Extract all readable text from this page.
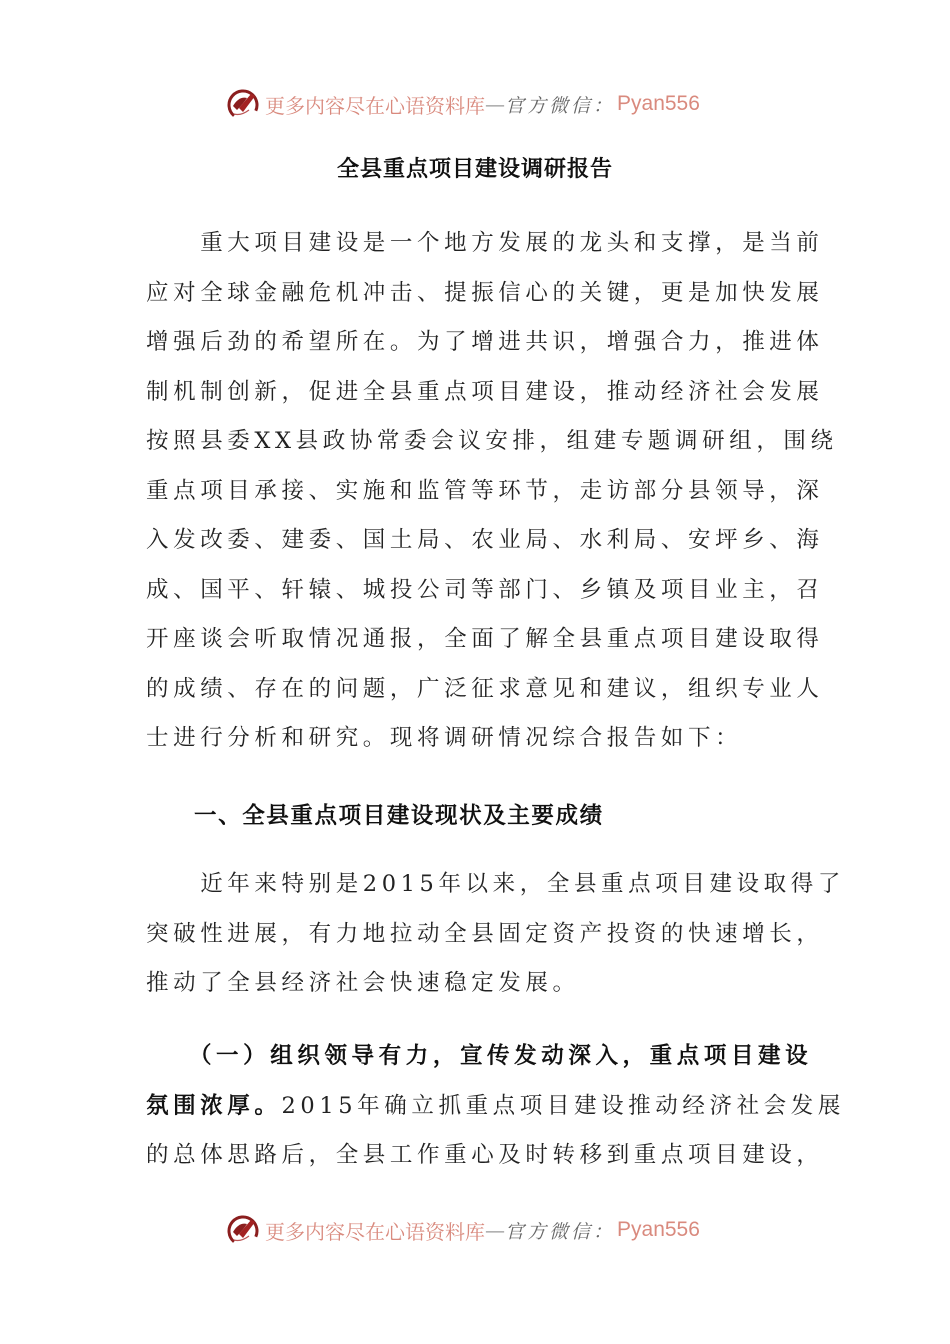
更多内容尽在心语资料库 — 官方微信： Pyan556
全县重点项目建设调研报告
　　重大项目建设是一个地方发展的龙头和支撑，是当前
应对全球金融危机冲击、提振信心的关键，更是加快发展
增强后劲的希望所在。为了增进共识，增强合力，推进体
制机制创新，促进全县重点项目建设，推动经济社会发展
按照县委XX县政协常委会议安排，组建专题调研组，围绕
重点项目承接、实施和监管等环节，走访部分县领导，深
入发改委、建委、国土局、农业局、水利局、安坪乡、海
成、国平、轩辕、城投公司等部门、乡镇及项目业主，召
开座谈会听取情况通报，全面了解全县重点项目建设取得
的成绩、存在的问题，广泛征求意见和建议，组织专业人
士进行分析和研究。现将调研情况综合报告如下：
一、全县重点项目建设现状及主要成绩
　　近年来特别是2015年以来，全县重点项目建设取得了
突破性进展，有力地拉动全县固定资产投资的快速增长，
推动了全县经济社会快速稳定发展。
　　（一）组织领导有力，宣传发动深入，重点项目建设
氛围浓厚。2015年确立抓重点项目建设推动经济社会发展
的总体思路后，全县工作重心及时转移到重点项目建设，
更多内容尽在心语资料库 — 官方微信： Pyan556
